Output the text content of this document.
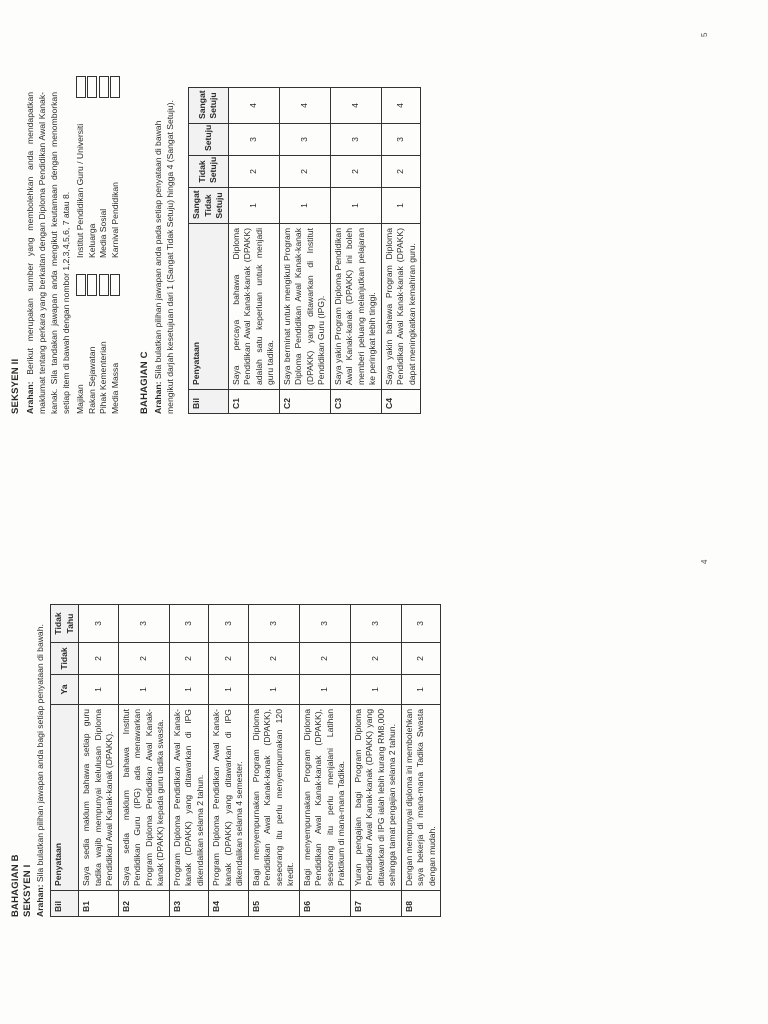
BAHAGIAN B SEKSYEN I Arahan: Sila bulatkan pilihan jawapan anda bagi setiap penyataan di bawah.
Bil	Penyataan	Ya	Tidak	Tidak Tahu
B1	Saya sedia maklum bahawa setiap guru tadika wajib mempunyai kelulusan Diploma Pendidikan Awal Kanak-kanak (DPAKK).	1	2	3
B2	Saya sedia maklum bahawa Institut Pendidikan Guru (IPG) ada menawarkan Program Diploma Pendidikan Awal Kanak-kanak (DPAKK) kepada guru tadika swasta.	1	2	3
B3	Program Diploma Pendidikan Awal Kanak-kanak (DPAKK) yang ditawarkan di IPG dikendalikan selama 2 tahun.	1	2	3
B4	Program Diploma Pendidikan Awal Kanak-kanak (DPAKK) yang ditawarkan di IPG dikendalikan selama 4 semester.	1	2	3
B5	Bagi menyempurnakan Program Diploma Pendidikan Awal Kanak-kanak (DPAKK), seseorang itu perlu menyempurnakan 120 kredit.	1	2	3
B6	Bagi menyempurnakan Program Diploma Pendidikan Awal Kanak-kanak (DPAKK), seseorang itu perlu menjalani Latihan Praktikum di mana-mana Tadika.	1	2	3
B7	Yuran pengajian bagi Program Diploma Pendidikan Awal Kanak-kanak (DPAKK) yang ditawarkan di IPG ialah lebih kurang RM8,000 sehingga tamat pengajian selama 2 tahun.	1	2	3
B8	Dengan mempunyai diploma ini membolehkan saya bekerja di mana-mana Tadika Swasta dengan mudah.	1	2	3
4
SEKSYEN II Arahan: Berikut merupakan sumber yang membolehkan anda mendapatkan maklumat tentang perkara yang berkaitan dengan Diploma Pendidikan Awal Kanak-kanak. Sila tandakan jawapan anda mengikut keutamaan dengan menomborkan setiap item di bawah dengan nombor 1,2,3,4,5,6, 7 atau 8. Majikan
Institut Pendidikan Guru / Universiti
Rakan Sejawatan
Keluarga
Pihak Kementerian
Media Sosial
Media Massa
Karnival Pendidikan
BAHAGIAN C Arahan: Sila bulatkan pilihan jawapan anda pada setiap penyataan di bawah mengikut darjah kesetujuan dari 1 (Sangat Tidak Setuju) hingga 4 (Sangat Setuju). Bil	Penyataan	Sangat Tidak Setuju	Tidak Setuju	Setuju	Sangat Setuju
C1	Saya percaya bahawa Diploma Pendidikan Awal Kanak-kanak (DPAKK) adalah satu keperluan untuk menjadi guru tadika.	1	2	3	4
C2	Saya berminat untuk mengikuti Program Diploma Pendidikan Awal Kanak-kanak (DPAKK) yang ditawarkan di Institut Pendidikan Guru (IPG).	1	2	3	4
C3	Saya yakin Program Diploma Pendidikan Awal Kanak-kanak (DPAKK) ini boleh memberi peluang melanjutkan pelajaran ke peringkat lebih tinggi.	1	2	3	4
C4	Saya yakin bahawa Program Diploma Pendidikan Awal Kanak-kanak (DPAKK) dapat meningkatkan kemahiran guru.	1	2	3	4
5
